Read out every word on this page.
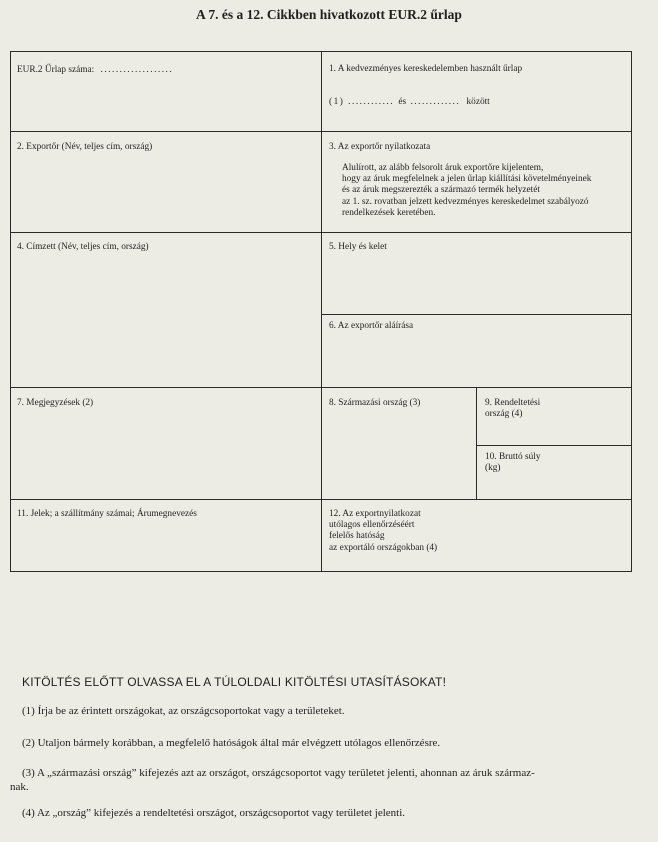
A 7. és a 12. Cikkben hivatkozott EUR.2 űrlap
EUR.2 Űrlap száma: ...................	1. A kedvezményes kereskedelemben használt űrlap
(1) ............ és ............. között
2. Exportőr (Név, teljes cím, ország)	3. Az exportőr nyilatkozata
Alulírott, az alább felsorolt áruk exportőre kijelentem,
hogy az áruk megfelelnek a jelen űrlap kiállítási követelményeinek
és az áruk megszerezték a származó termék helyzetét
az 1. sz. rovatban jelzett kedvezményes kereskedelmet szabályozó
rendelkezések keretében.
4. Címzett (Név, teljes cím, ország)	5. Hely és kelet
6. Az exportőr aláírása
7. Megjegyzések (2)	8. Származási ország (3)	9. Rendeltetési
ország (4)
10. Bruttó súly
(kg)
11. Jelek; a szállítmány számai; Árumegnevezés	12. Az exportnyilatkozat
utólagos ellenőrzéséért
felelős hatóság
az exportáló országokban (4)
KITÖLTÉS ELŐTT OLVASSA EL A TÚLOLDALI KITÖLTÉSI UTASÍTÁSOKAT!
(1) Írja be az érintett országokat, az országcsoportokat vagy a területeket.
(2) Utaljon bármely korábban, a megfelelő hatóságok által már elvégzett utólagos ellenőrzésre.
(3) A „származási ország” kifejezés azt az országot, országcsoportot vagy területet jelenti, ahonnan az áruk származ-
nak.
(4) Az „ország” kifejezés a rendeltetési országot, országcsoportot vagy területet jelenti.
